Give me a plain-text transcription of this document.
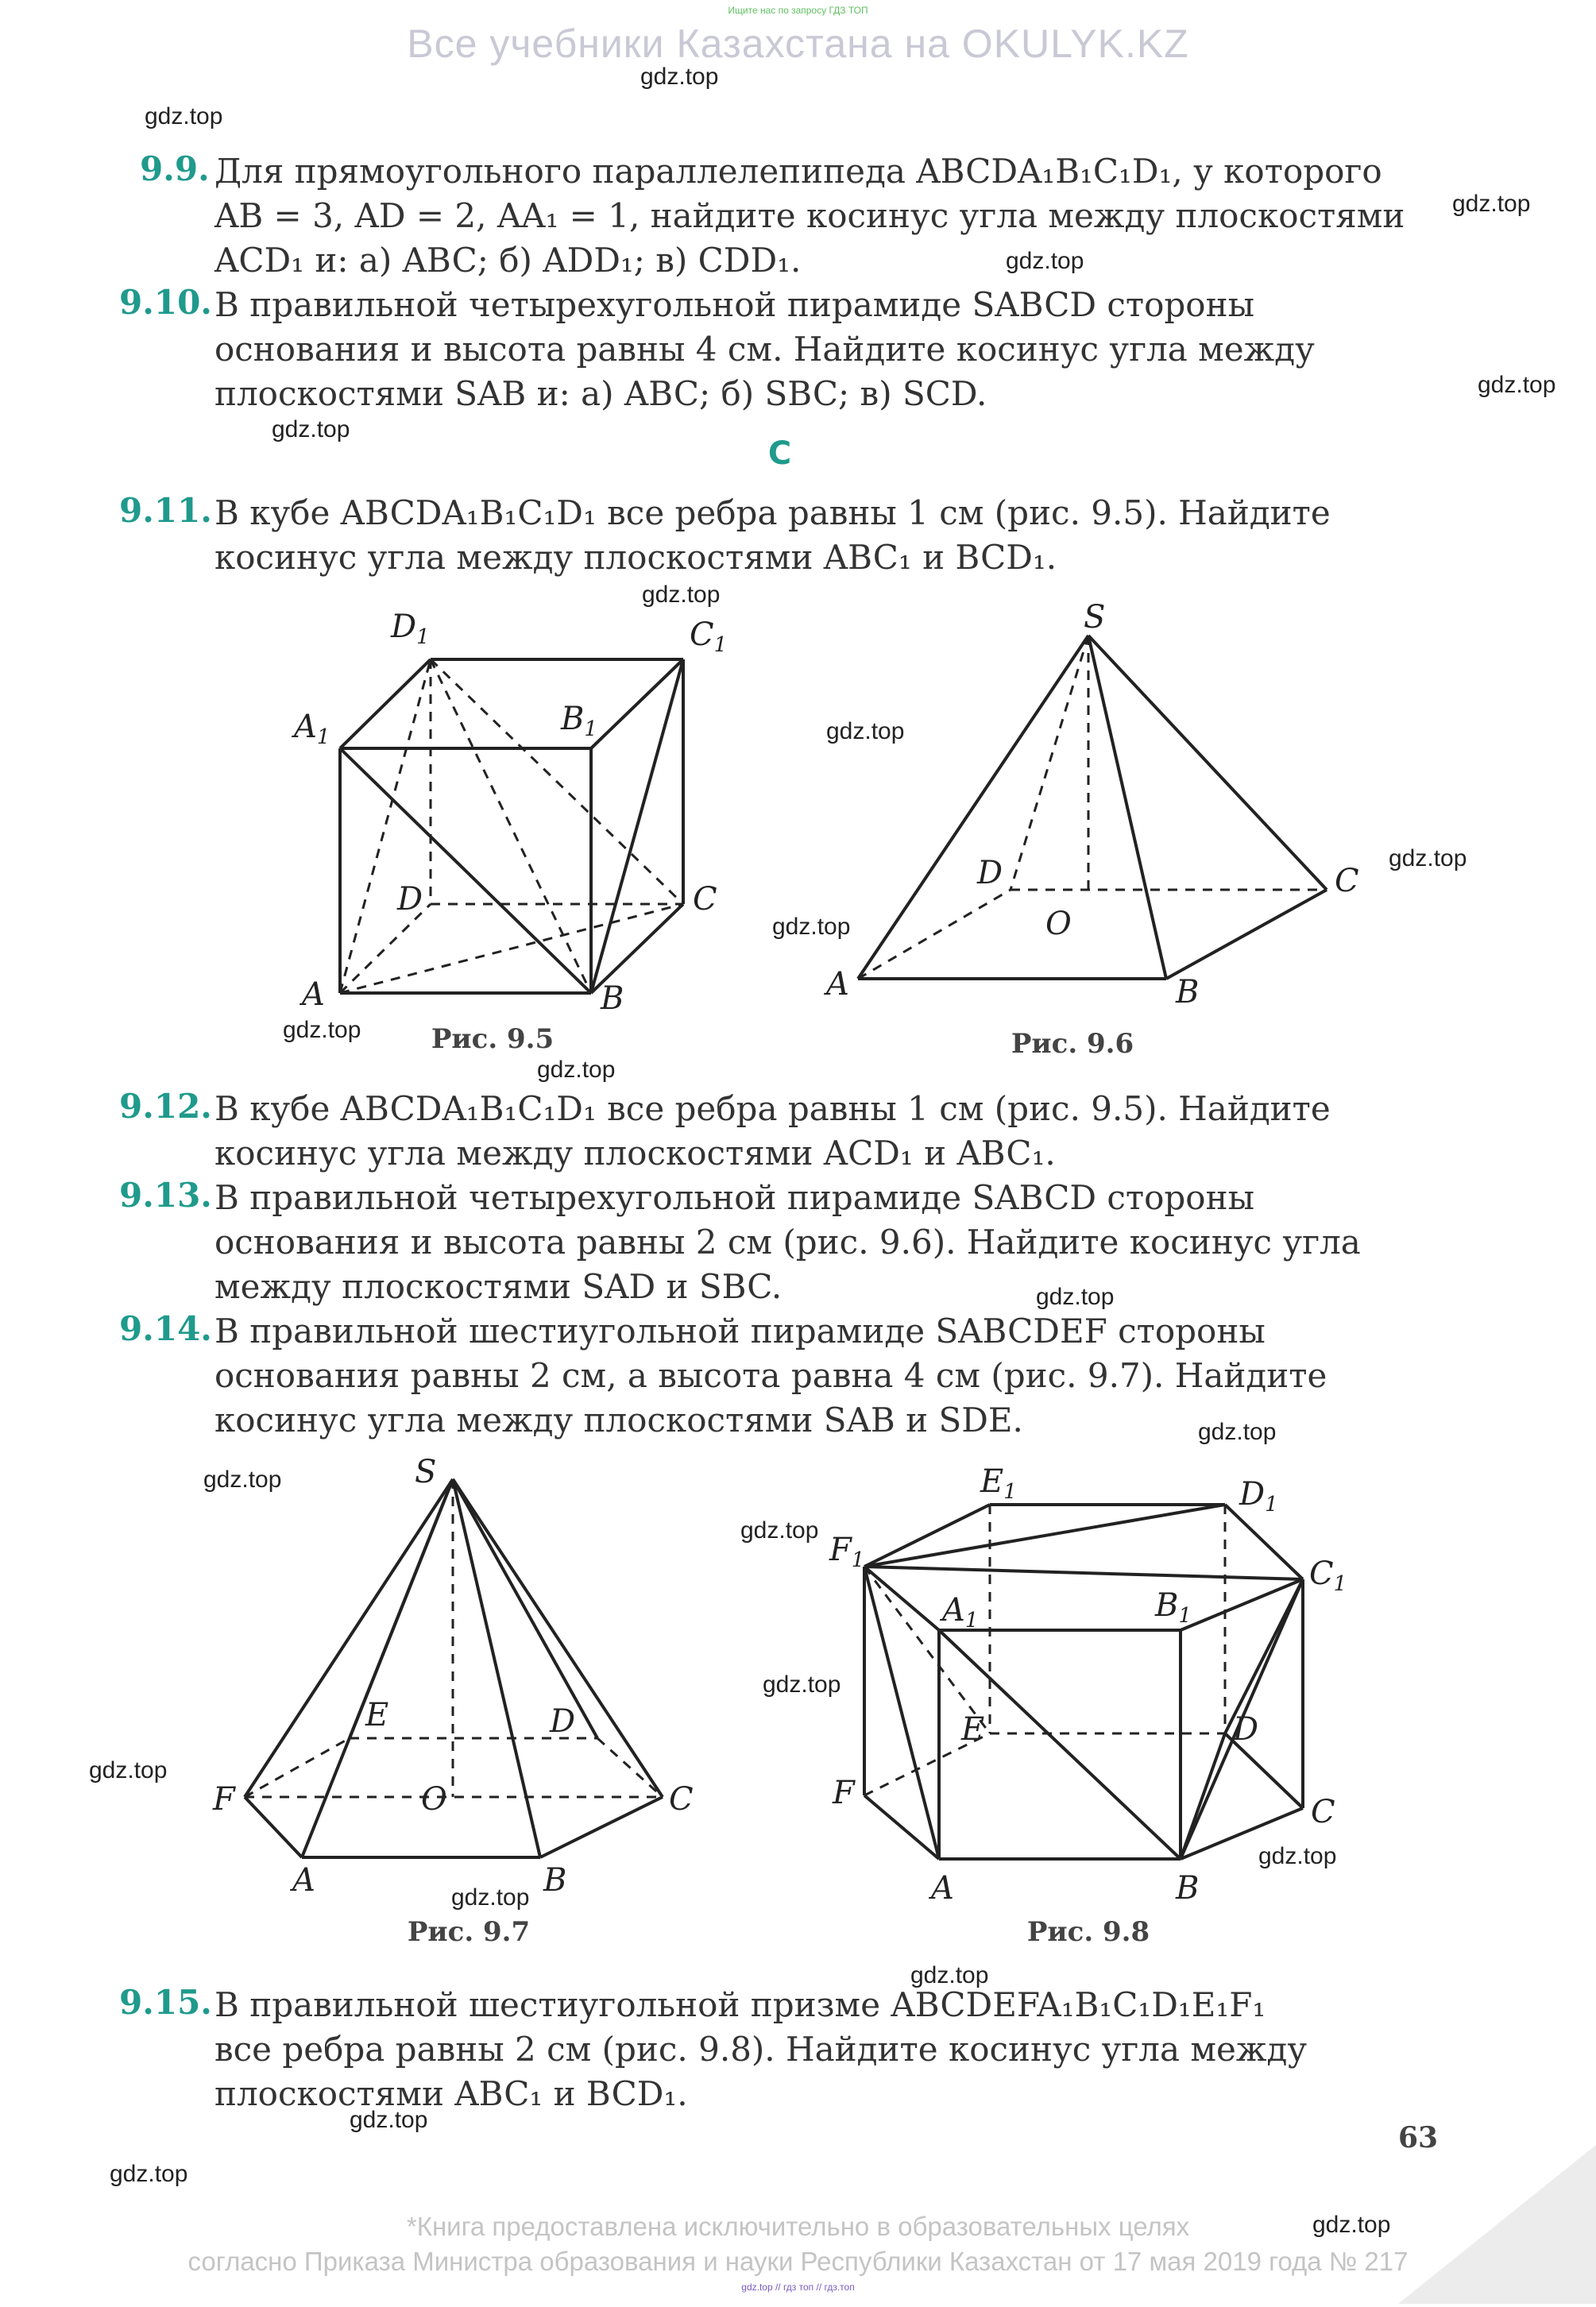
Ищите нас по запросу ГДЗ ТОП
Все учебники Казахстана на OKULYK.KZ
gdz.top
gdz.top
gdz.top
gdz.top
gdz.top
gdz.top
gdz.top
gdz.top
gdz.top
gdz.top
gdz.top
gdz.top
gdz.top
gdz.top
gdz.top
gdz.top
gdz.top
gdz.top
gdz.top
gdz.top
gdz.top
gdz.top
gdz.top
gdz.top
9.9. Для прямоугольного параллелепипеда ABCDA₁B₁C₁D₁, у которого
AB = 3, AD = 2, AA₁ = 1, найдите косинус угла между плоскостями
ACD₁ и: а) ABC; б) ADD₁; в) CDD₁.
9.10. В правильной четырехугольной пирамиде SABCD стороны
основания и высота равны 4 см. Найдите косинус угла между
плоскостями SAB и: а) ABC; б) SBC; в) SCD.
C
9.11. В кубе ABCDA₁B₁C₁D₁ все ребра равны 1 см (рис. 9.5). Найдите
косинус угла между плоскостями ABC₁ и BCD₁.
A	B
C
D
$A_1$	$B_1$
$C_1$
$D_1$
Рис. 9.5
S
A	B
C
D
O
Рис. 9.6
9.12. В кубе ABCDA₁B₁C₁D₁ все ребра равны 1 см (рис. 9.5). Найдите
косинус угла между плоскостями ACD₁ и ABC₁.
9.13. В правильной четырехугольной пирамиде SABCD стороны
основания и высота равны 2 см (рис. 9.6). Найдите косинус угла
между плоскостями SAD и SBC.
9.14. В правильной шестиугольной пирамиде SABCDEF стороны
основания равны 2 см, а высота равна 4 см (рис. 9.7). Найдите
косинус угла между плоскостями SAB и SDE.
S
A	B
C
D
E
F	O
Рис. 9.7
A	B
C
D
E
F
$A_1$	$B_1$
$C_1$
$D_1$
$E_1$
$F_1$
Рис. 9.8
9.15. В правильной шестиугольной призме ABCDEFA₁B₁C₁D₁E₁F₁
все ребра равны 2 см (рис. 9.8). Найдите косинус угла между
плоскостями ABC₁ и BCD₁.
63
*Книга предоставлена исключительно в образовательных целях
согласно Приказа Министра образования и науки Республики Казахстан от 17 мая 2019 года № 217
gdz.top // гдз топ // гдз.топ
